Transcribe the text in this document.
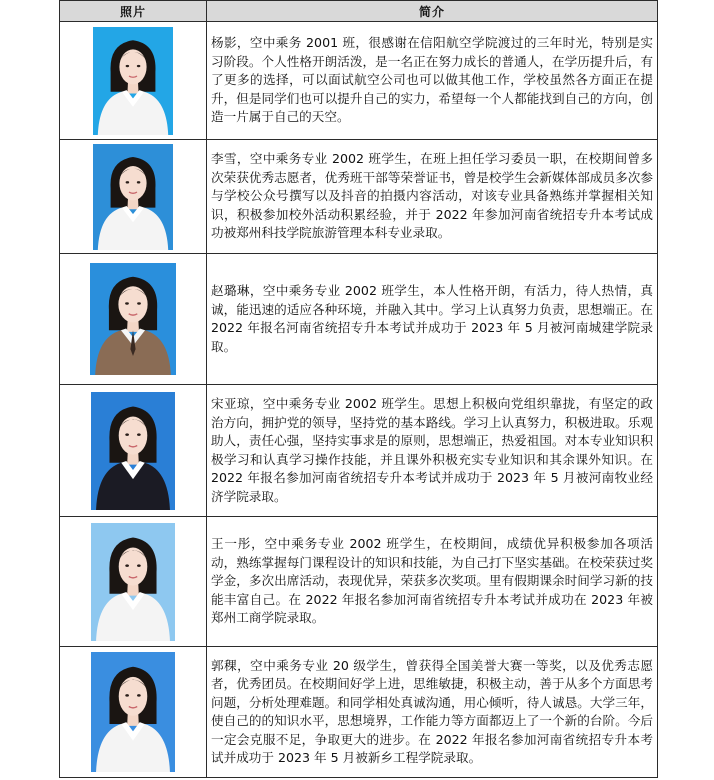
照片	简介

	杨影，空中乘务 2001 班，很感谢在信阳航空学院渡过的三年时光，特别是实习阶段。个人性格开朗活泼，是一名正在努力成长的普通人，在学历提升后，有了更多的选择，可以面试航空公司也可以做其他工作，学校虽然各方面正在提升，但是同学们也可以提升自己的实力，希望每一个人都能找到自己的方向，创造一片属于自己的天空。

	李雪，空中乘务专业 2002 班学生，在班上担任学习委员一职，在校期间曾多次荣获优秀志愿者，优秀班干部等荣誉证书，曾是校学生会新媒体部成员多次参与学校公众号撰写以及抖音的拍摄内容活动，对该专业具备熟练并掌握相关知识，积极参加校外活动积累经验，并于 2022 年参加河南省统招专升本考试成功被郑州科技学院旅游管理本科专业录取。

	赵璐琳，空中乘务专业 2002 班学生，本人性格开朗，有活力，待人热情，真诚，能迅速的适应各种环境，并融入其中。学习上认真努力负责，思想端正。在 2022 年报名河南省统招专升本考试并成功于 2023 年 5 月被河南城建学院录取。

	宋亚琼，空中乘务专业 2002 班学生。思想上积极向党组织靠拢，有坚定的政治方向，拥护党的领导，坚持党的基本路线。学习上认真努力，积极进取。乐观助人，责任心强，坚持实事求是的原则，思想端正，热爱祖国。对本专业知识积极学习和认真学习操作技能，并且课外积极充实专业知识和其余课外知识。在 2022 年报名参加河南省统招专升本考试并成功于 2023 年 5 月被河南牧业经济学院录取。

	王一彤，空中乘务专业 2002 班学生，在校期间，成绩优异积极参加各项活动，熟练掌握每门课程设计的知识和技能，为自己打下坚实基础。在校荣获过奖学金，多次出席活动，表现优异，荣获多次奖项。里有假期课余时间学习新的技能丰富自己。在 2022 年报名参加河南省统招专升本考试并成功在 2023 年被郑州工商学院录取。

	郭稞，空中乘务专业 20 级学生，曾获得全国美誉大赛一等奖，以及优秀志愿者，优秀团员。在校期间好学上进，思维敏捷，积极主动，善于从多个方面思考问题，分析处理难题。和同学相处真诚沟通，用心倾听，待人诚恳。大学三年，使自己的的知识水平，思想境界，工作能力等方面都迈上了一个新的台阶。今后一定会克服不足，争取更大的进步。在 2022 年报名参加河南省统招专升本考试并成功于 2023 年 5 月被新乡工程学院录取。
